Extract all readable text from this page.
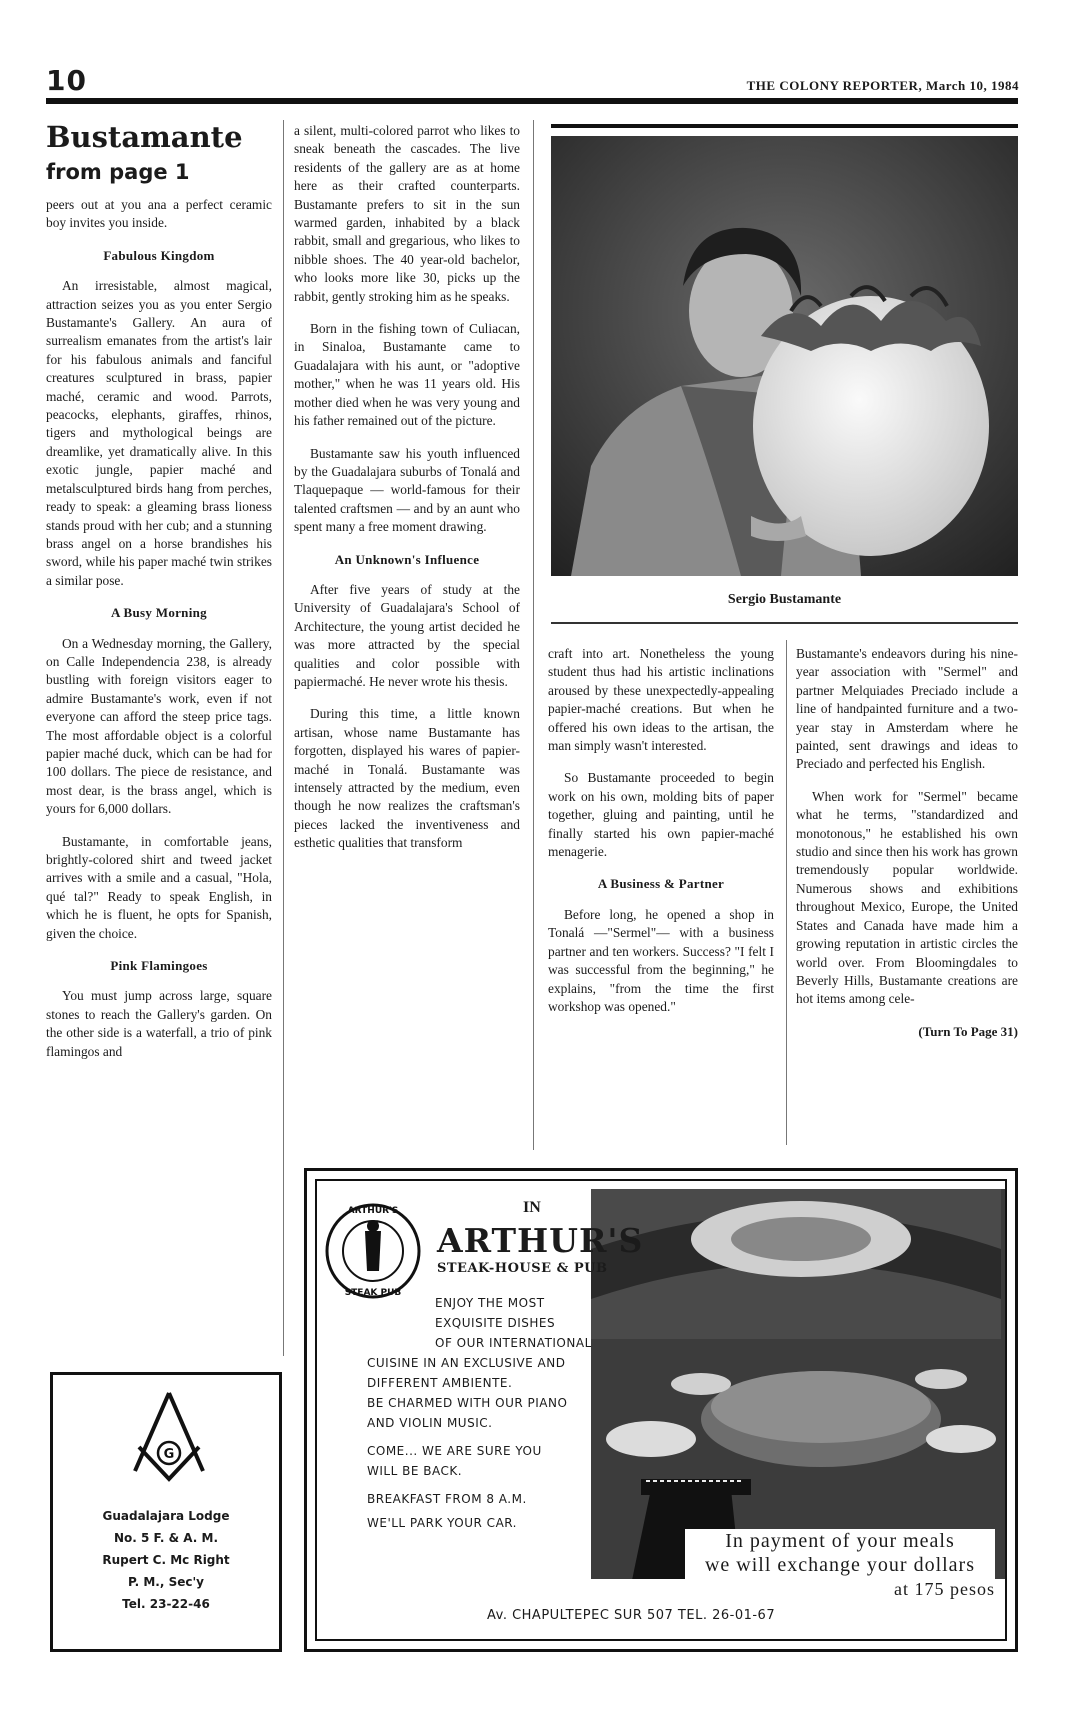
10	THE COLONY REPORTER, March 10, 1984
Bustamante
from page 1

peers out at you ana a perfect ceramic boy invites you inside.

Fabulous Kingdom

An irresistable, almost magical, attraction seizes you as you enter Sergio Bustamante's Gallery. An aura of surrealism emanates from the artist's lair for his fabulous animals and fanciful creatures sculptured in brass, papier maché, ceramic and wood. Parrots, peacocks, elephants, giraffes, rhinos, tigers and mythological beings are dreamlike, yet dramatically alive. In this exotic jungle, papier maché and metalsculptured birds hang from perches, ready to speak: a gleaming brass lioness stands proud with her cub; and a stunning brass angel on a horse brandishes his sword, while his paper maché twin strikes a similar pose.

A Busy Morning

On a Wednesday morning, the Gallery, on Calle Independencia 238, is already bustling with foreign visitors eager to admire Bustamante's work, even if not everyone can afford the steep price tags. The most affordable object is a colorful papier maché duck, which can be had for 100 dollars. The piece de resistance, and most dear, is the brass angel, which is yours for 6,000 dollars.

Bustamante, in comfortable jeans, brightly-colored shirt and tweed jacket arrives with a smile and a casual, "Hola, qué tal?" Ready to speak English, in which he is fluent, he opts for Spanish, given the choice.

Pink Flamingoes

You must jump across large, square stones to reach the Gallery's garden. On the other side is a waterfall, a trio of pink flamingos and

a silent, multi-colored parrot who likes to sneak beneath the cascades. The live residents of the gallery are as at home here as their crafted counterparts. Bustamante prefers to sit in the sun warmed garden, inhabited by a black rabbit, small and gregarious, who likes to nibble shoes. The 40 year-old bachelor, who looks more like 30, picks up the rabbit, gently stroking him as he speaks.

Born in the fishing town of Culiacan, in Sinaloa, Bustamante came to Guadalajara with his aunt, or "adoptive mother," when he was 11 years old. His mother died when he was very young and his father remained out of the picture.

Bustamante saw his youth influenced by the Guadalajara suburbs of Tonalá and Tlaquepaque — world-famous for their talented craftsmen — and by an aunt who spent many a free moment drawing.

An Unknown's Influence

After five years of study at the University of Guadalajara's School of Architecture, the young artist decided he was more attracted by the special qualities and color possible with papiermaché. He never wrote his thesis.

During this time, a little known artisan, whose name Bustamante has forgotten, displayed his wares of papier-maché in Tonalá. Bustamante was intensely attracted by the medium, even though he now realizes the craftsman's pieces lacked the inventiveness and esthetic qualities that transform

Sergio Bustamante

craft into art. Nonetheless the young student thus had his artistic inclinations aroused by these unexpectedly-appealing papier-maché creations. But when he offered his own ideas to the artisan, the man simply wasn't interested.

So Bustamante proceeded to begin work on his own, molding bits of paper together, gluing and painting, until he finally started his own papier-maché menagerie.

A Business & Partner

Before long, he opened a shop in Tonalá —"Sermel"— with a business partner and ten workers. Success? "I felt I was successful from the beginning," he explains, "from the time the first workshop was opened."

Bustamante's endeavors during his nine-year association with "Sermel" and partner Melquiades Preciado include a line of handpainted furniture and a two-year stay in Amsterdam where he painted, sent drawings and ideas to Preciado and perfected his English.

When work for "Sermel" became what he terms, "standardized and monotonous," he established his own studio and since then his work has grown tremendously popular worldwide. Numerous shows and exhibitions throughout Mexico, Europe, the United States and Canada have made him a growing reputation in artistic circles the world over. From Bloomingdales to Beverly Hills, Bustamante creations are hot items among cele-

(Turn To Page 31)
G
Guadalajara Lodge
No. 5 F. & A. M.
Rupert C. Mc Right
P. M., Sec'y
Tel. 23-22-46
ARTHUR'S
STEAK PUB
IN
ARTHUR'S
STEAK-HOUSE & PUB
ENJOY THE MOST
EXQUISITE DISHES
OF OUR INTERNATIONAL
CUISINE IN AN EXCLUSIVE AND
DIFFERENT AMBIENTE.
BE CHARMED WITH OUR PIANO
AND VIOLIN MUSIC.
COME... WE ARE SURE YOU
WILL BE BACK.
BREAKFAST FROM 8 A.M.
WE'LL PARK YOUR CAR.
In payment of your meals
we will exchange your dollars
at 175 pesos
Av. CHAPULTEPEC SUR 507 TEL. 26-01-67
